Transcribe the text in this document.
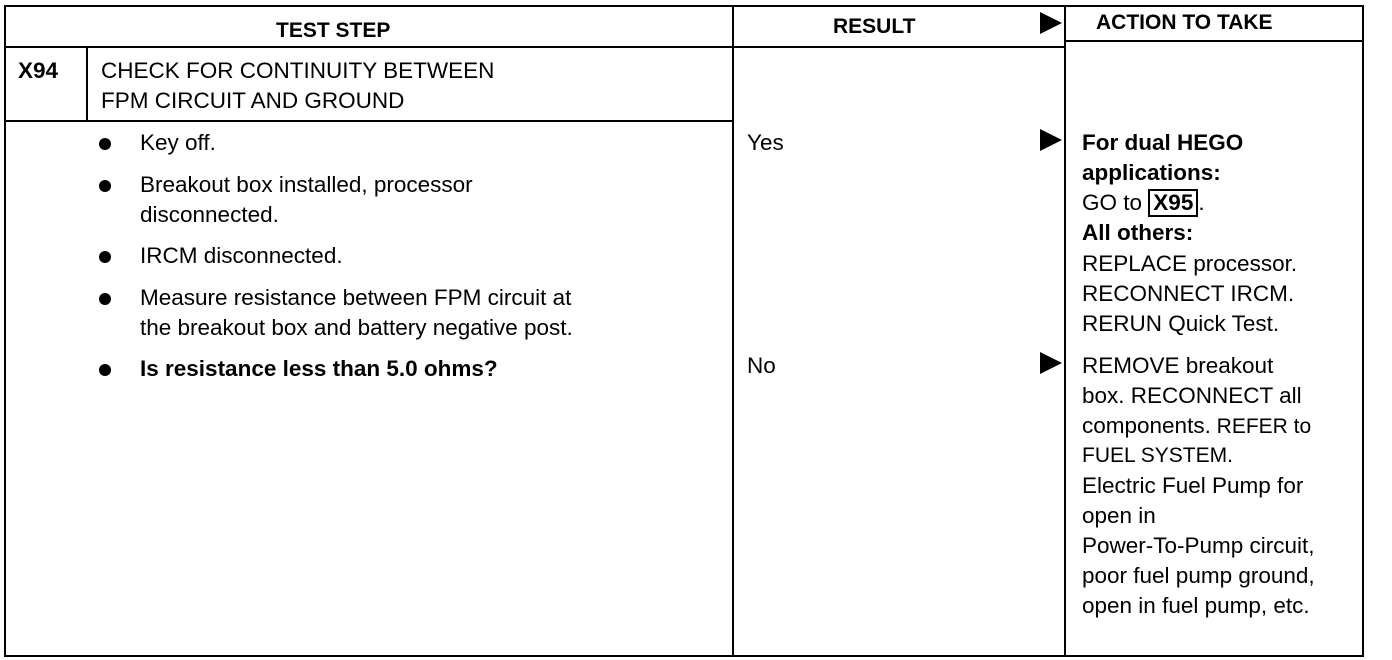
TEST STEP	RESULT	ACTION TO TAKE
X94 CHECK FOR CONTINUITY BETWEEN
FPM CIRCUIT AND GROUND
Key off.
Breakout box installed, processor
disconnected.
IRCM disconnected.
Measure resistance between FPM circuit at
the breakout box and battery negative post.
Is resistance less than 5.0 ohms?
Yes
No
For dual HEGO
applications:
GO to X95 .
All others:
REPLACE processor.
RECONNECT IRCM.
RERUN Quick Test.
REMOVE breakout
box. RECONNECT all
components. REFER to
FUEL SYSTEM.
Electric Fuel Pump for
open in
Power-To-Pump circuit,
poor fuel pump ground,
open in fuel pump, etc.
